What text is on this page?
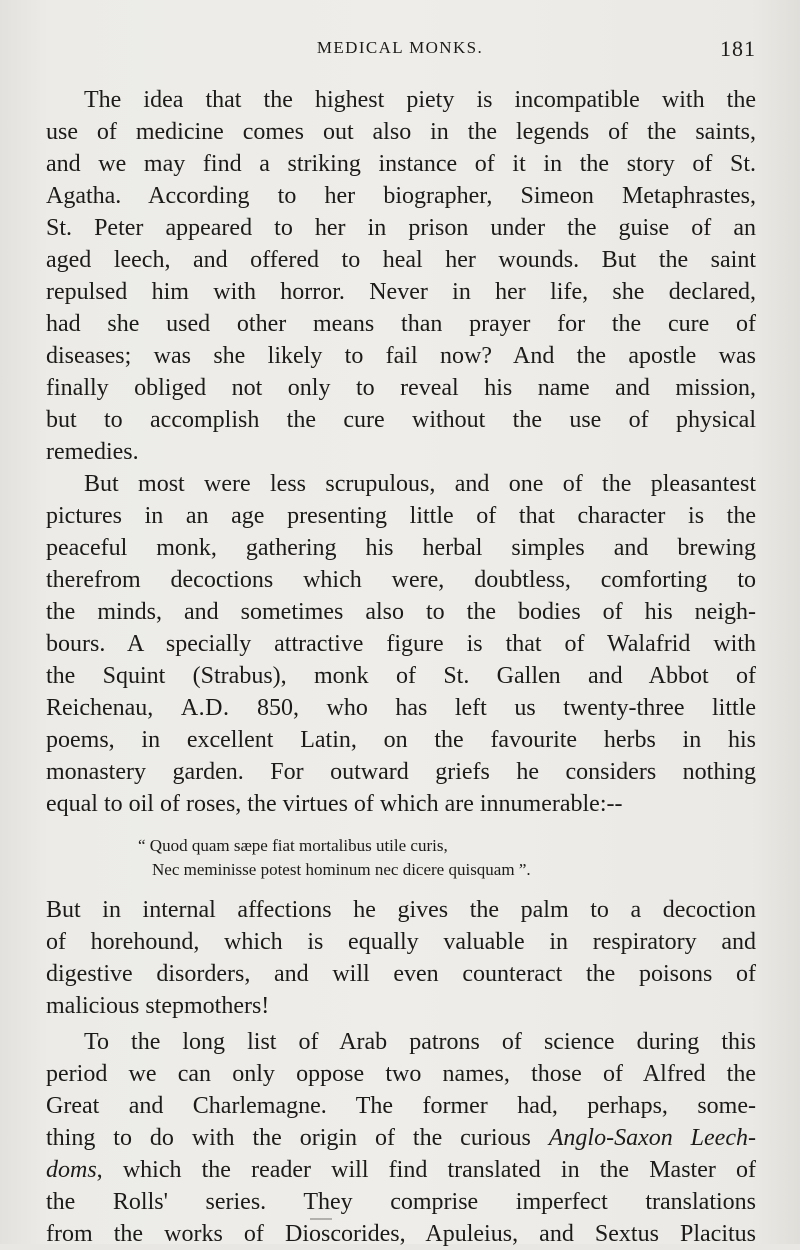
MEDICAL MONKS.	181
The idea that the highest piety is incompatible with the
use of medicine comes out also in the legends of the saints,
and we may find a striking instance of it in the story of St.
Agatha. According to her biographer, Simeon Metaphrastes,
St. Peter appeared to her in prison under the guise of an
aged leech, and offered to heal her wounds. But the saint
repulsed him with horror. Never in her life, she declared,
had she used other means than prayer for the cure of
diseases; was she likely to fail now? And the apostle was
finally obliged not only to reveal his name and mission,
but to accomplish the cure without the use of physical
remedies.
But most were less scrupulous, and one of the pleasantest
pictures in an age presenting little of that character is the
peaceful monk, gathering his herbal simples and brewing
therefrom decoctions which were, doubtless, comforting to
the minds, and sometimes also to the bodies of his neigh-
bours. A specially attractive figure is that of Walafrid with
the Squint (Strabus), monk of St. Gallen and Abbot of
Reichenau, A.D. 850, who has left us twenty-three little
poems, in excellent Latin, on the favourite herbs in his
monastery garden. For outward griefs he considers nothing
equal to oil of roses, the virtues of which are innumerable:--
“ Quod quam sæpe fiat mortalibus utile curis,
Nec meminisse potest hominum nec dicere quisquam ”.
But in internal affections he gives the palm to a decoction
of horehound, which is equally valuable in respiratory and
digestive disorders, and will even counteract the poisons of
malicious stepmothers!
To the long list of Arab patrons of science during this
period we can only oppose two names, those of Alfred the
Great and Charlemagne. The former had, perhaps, some-
thing to do with the origin of the curious Anglo-Saxon Leech-
doms, which the reader will find translated in the Master of
the Rolls' series. They comprise imperfect translations
from the works of Dioscorides, Apuleius, and Sextus Placitus
